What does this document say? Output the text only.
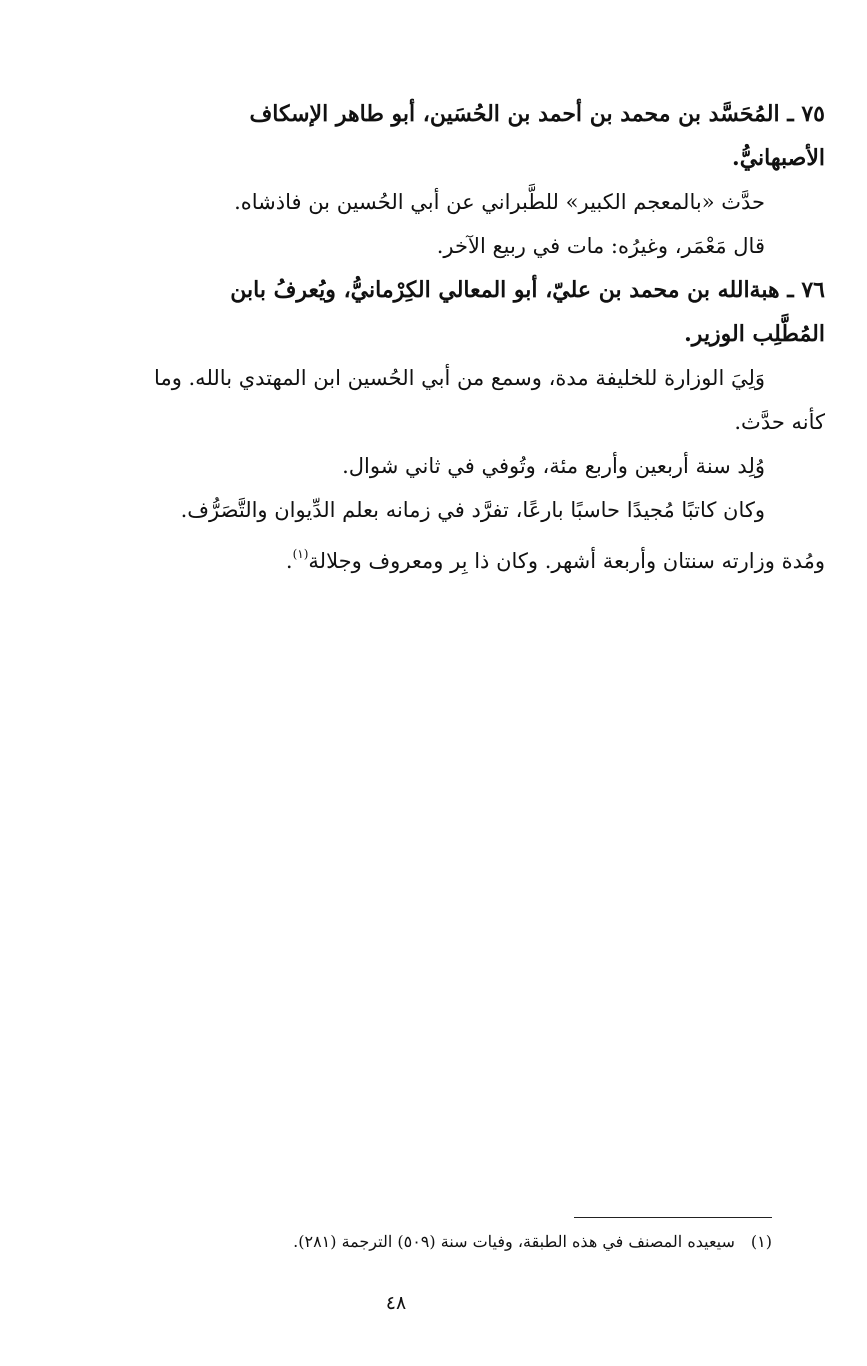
٧٥ ـ المُحَسَّد بن محمد بن أحمد بن الحُسَين، أبو طاهر الإسكاف
الأصبهانيُّ.
حدَّث «بالمعجم الكبير» للطَّبراني عن أبي الحُسين بن فاذشاه.
قال مَعْمَر، وغيرُه: مات في ربيع الآخر.
٧٦ ـ هبةالله بن محمد بن عليّ، أبو المعالي الكِرْمانيُّ، ويُعرفُ بابن
المُطَّلِب الوزير.
وَلِيَ الوزارة للخليفة مدة، وسمع من أبي الحُسين ابن المهتدي بالله. وما
كأنه حدَّث.
وُلِد سنة أربعين وأربع مئة، وتُوفي في ثاني شوال.
وكان كاتبًا مُجيدًا حاسبًا بارعًا، تفرَّد في زمانه بعلم الدِّيوان والتَّصَرُّف.
ومُدة وزارته سنتان وأربعة أشهر. وكان ذا بِر ومعروف وجلالة$^{(١)}$.
(١)سيعيده المصنف في هذه الطبقة، وفيات سنة (٥٠٩) الترجمة (٢٨١).
٤٨
